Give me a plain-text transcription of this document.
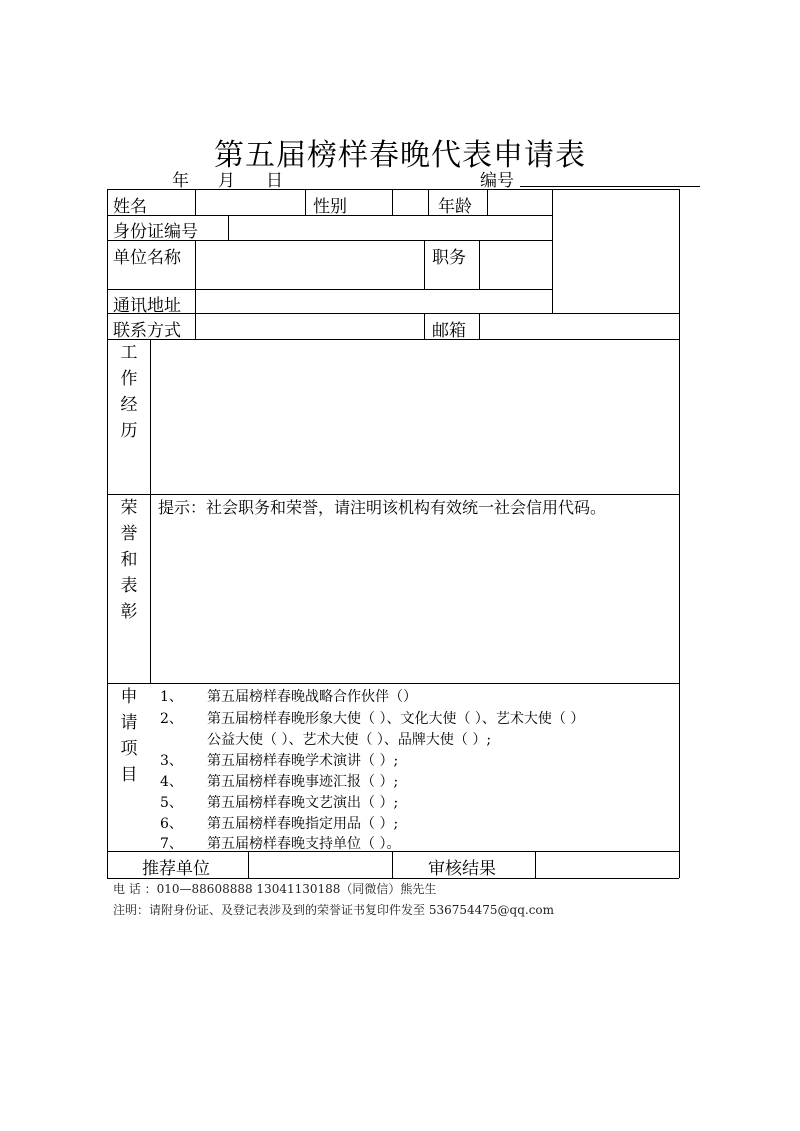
第五届榜样春晚代表申请表
年 月 日	编号
姓名	性别	年龄
身份证编号
单位名称	职务
通讯地址
联系方式	邮箱
工
作
经
历
荣
誉
和
表
彰
提示：社会职务和荣誉，请注明该机构有效统一社会信用代码。
申
请
项
目
1、 第五届榜样春晚战略合作伙伴（）
2、 第五届榜样春晚形象大使（ ）、文化大使（ ）、艺术大使（ ）
公益大使（ ）、艺术大使（ ）、品牌大使（ ）;
3、 第五届榜样春晚学术演讲（ ）;
4、 第五届榜样春晚事迹汇报（ ）;
5、 第五届榜样春晚文艺演出（ ）;
6、 第五届榜样春晚指定用品（ ）;
7、 第五届榜样春晚支持单位（ ）。
推荐单位	审核结果
电 话 ：010—88608888 13041130188（同微信）熊先生
注明：请附身份证、及登记表涉及到的荣誉证书复印件发至 536754475@qq.com
